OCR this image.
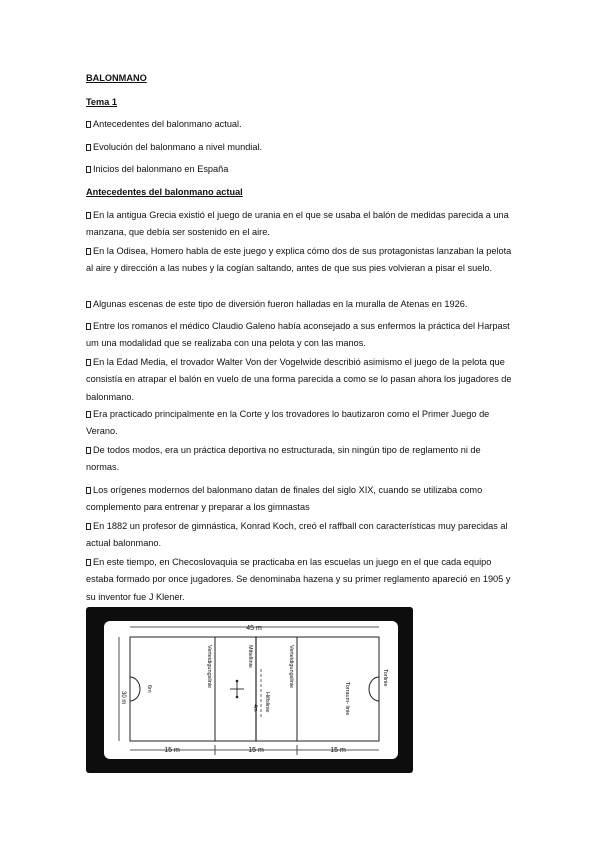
BALONMANO
Tema 1
Antecedentes del balonmano actual.
Evolución del balonmano a nivel mundial.
Inicios del balonmano en España
Antecedentes del balonmano actual
En la antigua Grecia existió el juego de urania en el que se usaba el balón de medidas parecida a una manzana, que debía ser sostenido en el aire.
En la Odisea, Homero habla de este juego y explica cómo dos de sus protagonistas lanzaban la pelota al aire y dirección a las nubes y la cogían saltando, antes de que sus pies volvieran a pisar el suelo.
Algunas escenas de este tipo de diversión fueron halladas en la muralla de Atenas en 1926.
Entre los romanos el médico Claudio Galeno había aconsejado a sus enfermos la práctica del Harpast um una modalidad que se realizaba con una pelota y con las manos.
En la Edad Media, el trovador Walter Von der Vogelwide describió asimismo el juego de la pelota que consistía en atrapar el balón en vuelo de una forma parecida a como se lo pasan ahora los jugadores de balonmano.
Era practicado principalmente en la Corte y los trovadores lo bautizaron como el Primer Juego de Verano.
De todos modos, era un práctica deportiva no estructurada, sin ningún tipo de reglamento ni de normas.
Los orígenes modernos del balonmano datan de finales del siglo XIX, cuando se utilizaba como complemento para entrenar y preparar a los gimnastas
En 1882 un profesor de gimnástica, Konrad Koch, creó el raffball con características muy parecidas al actual balonmano.
En este tiempo, en Checoslovaquia se practicaba en las escuelas un juego en el que cada equipo estaba formado por once jugadores. Se denominaba hazena y su primer reglamento apareció en 1905 y su inventor fue J Klener.
45 m
30 m
Verteidigungslinie	Mittellinie	Verteidigungslinie	Torlinie
Torraum- linie
Hilfslinie
6m
4m
15 m	15 m	15 m
